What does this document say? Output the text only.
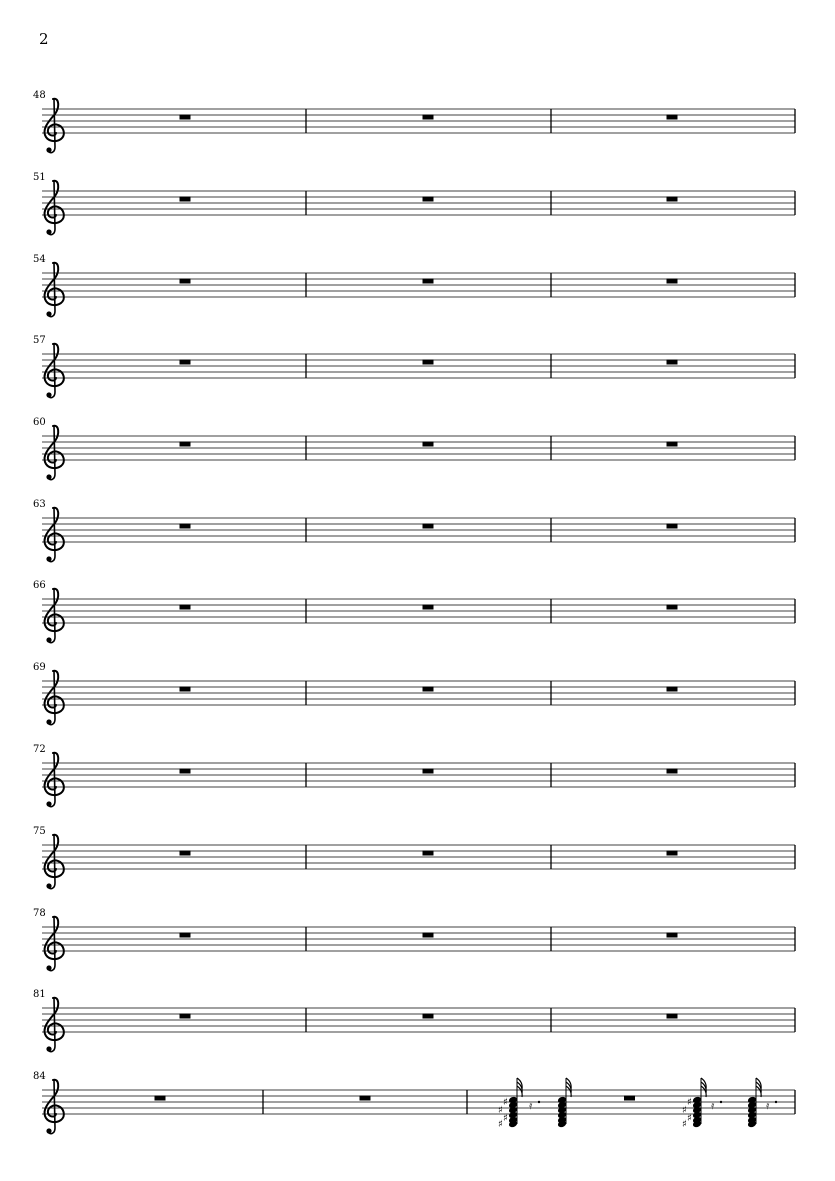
2
48
51
54
57
60
63
66
69
72
75
78
81
84
♯
♯
♯
♯
𝄿	♯
♯
♯
♯
𝄿	𝄿
